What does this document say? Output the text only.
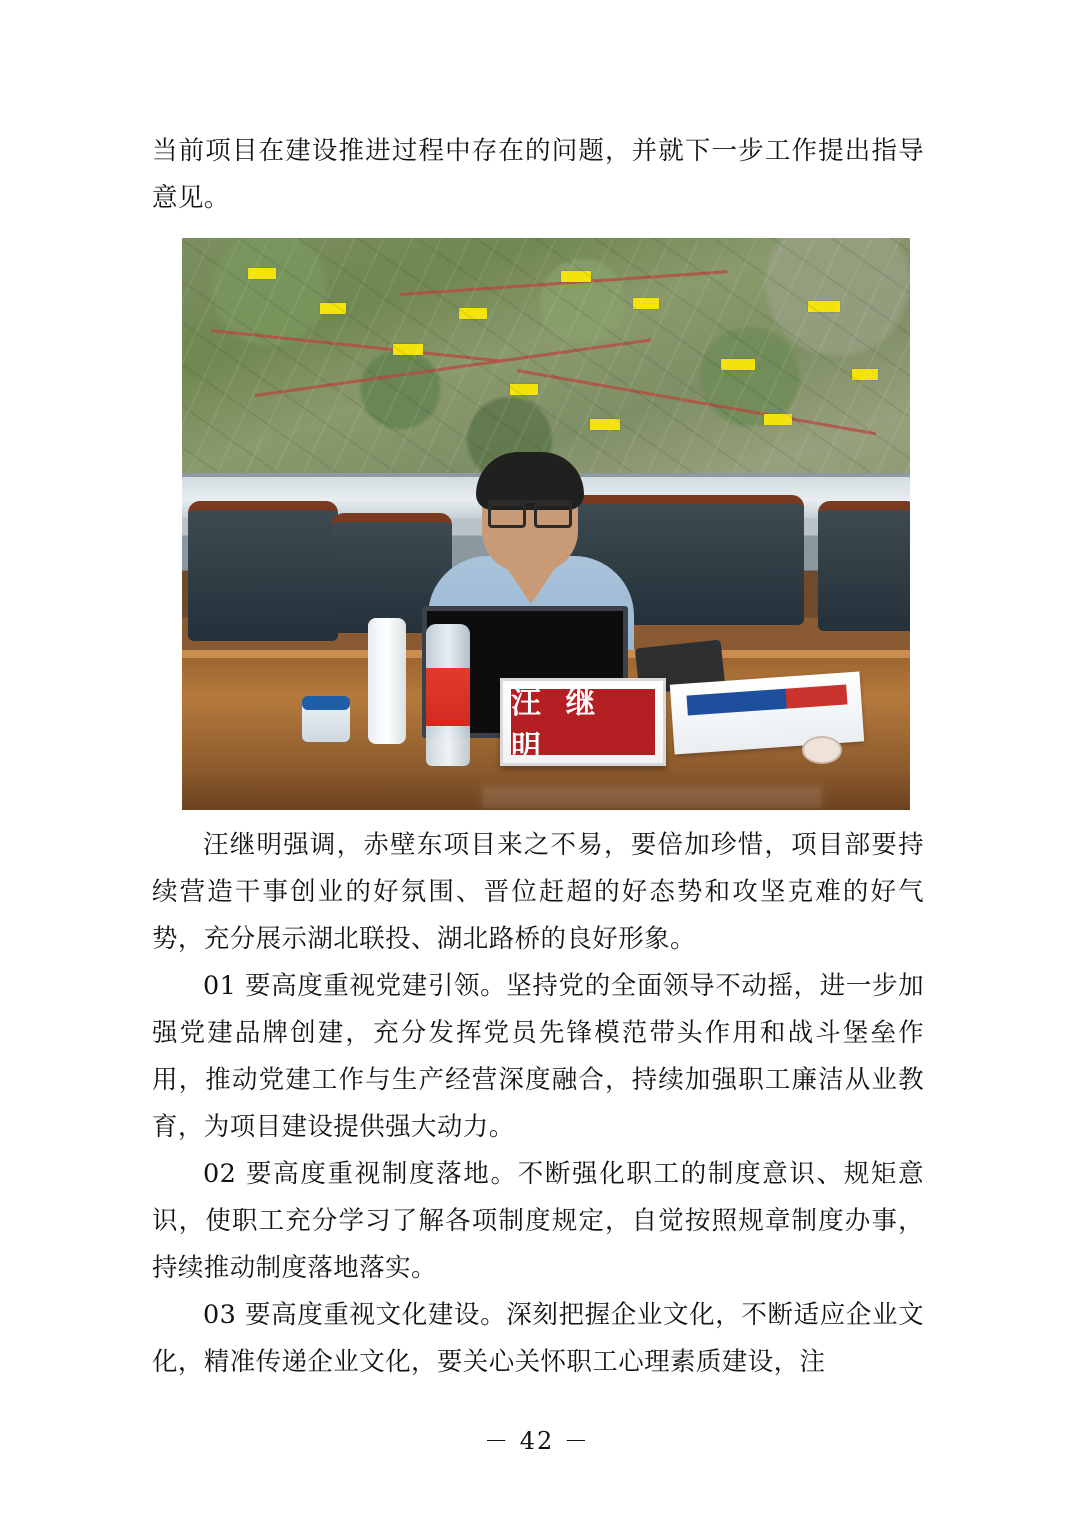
当前项目在建设推进过程中存在的问题，并就下一步工作提出指导意见。

汪 继 明

汪继明强调，赤壁东项目来之不易，要倍加珍惜，项目部要持续营造干事创业的好氛围、晋位赶超的好态势和攻坚克难的好气势，充分展示湖北联投、湖北路桥的良好形象。

01 要高度重视党建引领。坚持党的全面领导不动摇，进一步加强党建品牌创建，充分发挥党员先锋模范带头作用和战斗堡垒作用，推动党建工作与生产经营深度融合，持续加强职工廉洁从业教育，为项目建设提供强大动力。

02 要高度重视制度落地。不断强化职工的制度意识、规矩意识，使职工充分学习了解各项制度规定，自觉按照规章制度办事，持续推动制度落地落实。

03 要高度重视文化建设。深刻把握企业文化，不断适应企业文化，精准传递企业文化，要关心关怀职工心理素质建设，注

－ 42 －
